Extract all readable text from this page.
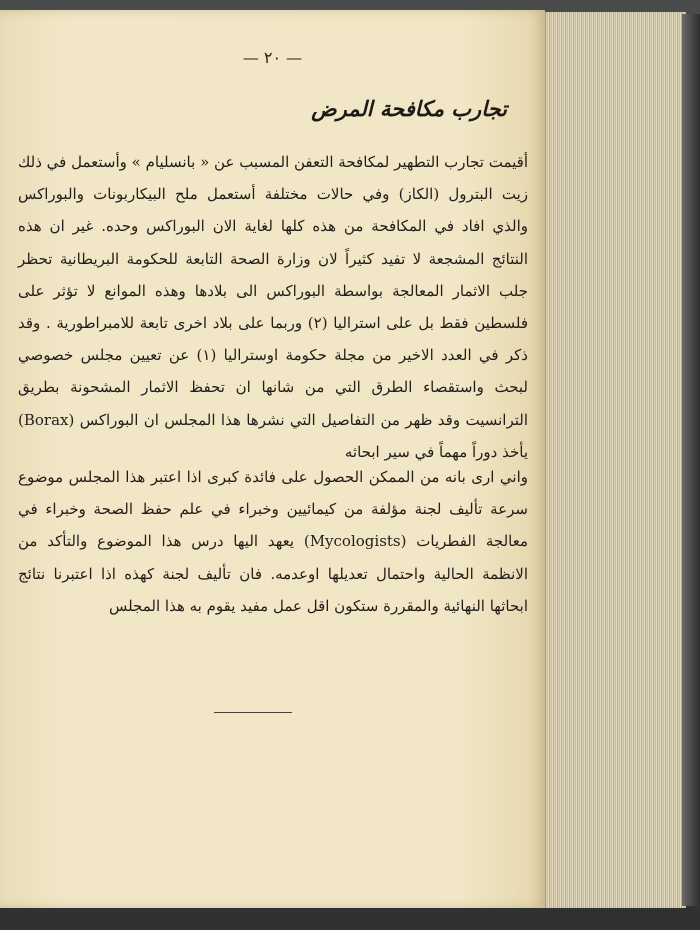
— ٢٠ —
تجارب مكافحة المرض

أقيمت تجارب التطهير لمكافحة التعفن المسبب عن « بانسليام » وأستعمل في ذلك زيت البترول (الكاز) وفي حالات مختلفة أستعمل ملح البيكاربونات والبوراكس والذي افاد في المكافحة من هذه كلها لغاية الان البوراكس وحده. غير ان هذه النتائج المشجعة لا تفيد كثيراً لان وزارة الصحة التابعة للحكومة البريطانية تحظر جلب الاثمار المعالجة بواسطة البوراكس الى بلادها وهذه الموانع لا تؤثر على فلسطين فقط بل على استراليا (٢) وربما على بلاد اخرى تابعة للامبراطورية . وقد ذكر في العدد الاخير من مجلة حكومة اوستراليا (١) عن تعيين مجلس خصوصي لبحث واستقصاء الطرق التي من شانها ان تحفظ الاثمار المشحونة بطريق الترانسيت وقد ظهر من التفاصيل التي نشرها هذا المجلس ان البوراكس (Borax) يأخذ دوراً مهماً في سير ابحاثه

واني ارى بانه من الممكن الحصول على فائدة كبرى اذا اعتبر هذا المجلس موضوع سرعة تأليف لجنة مؤلفة من كيمائيين وخبراء في علم حفظ الصحة وخبراء في معالجة الفطريات (Mycologists) يعهد اليها درس هذا الموضوع والتأكد من الانظمة الحالية واحتمال تعديلها اوعدمه. فان تأليف لجنة كهذه اذا اعتبرنا نتائج ابحاثها النهائية والمقررة ستكون اقل عمل مفيد يقوم به هذا المجلس
